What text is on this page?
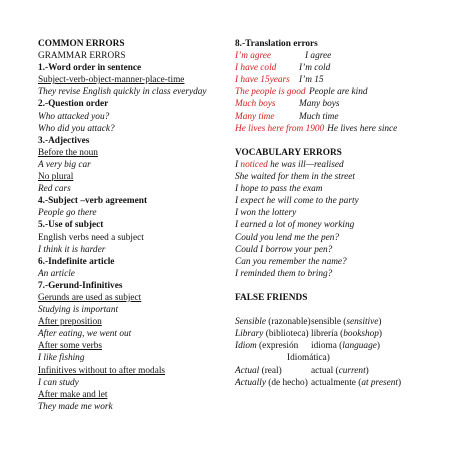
COMMON ERRORS
GRAMMAR ERRORS
1.-Word order in sentence
Subject-verb-object-manner-place-time
They revise English quickly in class everyday
2.-Question order
Who attacked you?
Who did you attack?
3.-Adjectives
Before the noun
A very big car
No plural
Red cars
4.-Subject –verb agreement
People go there
5.-Use of subject
English verbs need a subject
I think it is harder
6.-Indefinite article
An article
7.-Gerund-Infinitives
Gerunds are used as subject
Studying is important
After preposition
After eating, we went out
After some verbs
I like fishing
Infinitives without to after modals
I can study
After make and let
They made me work
8.-Translation errors
I’m agree	I agree
I have cold	I’m cold
I have 15years I’m 15
The people is good People are kind
Much boys	Many boys
Many time	Much time
He lives here from 1900 He lives here since
VOCABULARY ERRORS
I noticed he was ill—realised
She waited for them in the street
I hope to pass the exam
I expect he will come to the party
I won the lottery
I earned a lot of money working
Could you lend me the pen?
Could I borrow your pen?
Can you remember the name?
I reminded them to bring?
FALSE FRIENDS
Sensible (razonable) sensible (sensitive)
Library (biblioteca) librería (bookshop)
Idiom (expresión	idioma (language)
Idiomática)
Actual (real)	actual (current)
Actually (de hecho) actualmente (at present)
